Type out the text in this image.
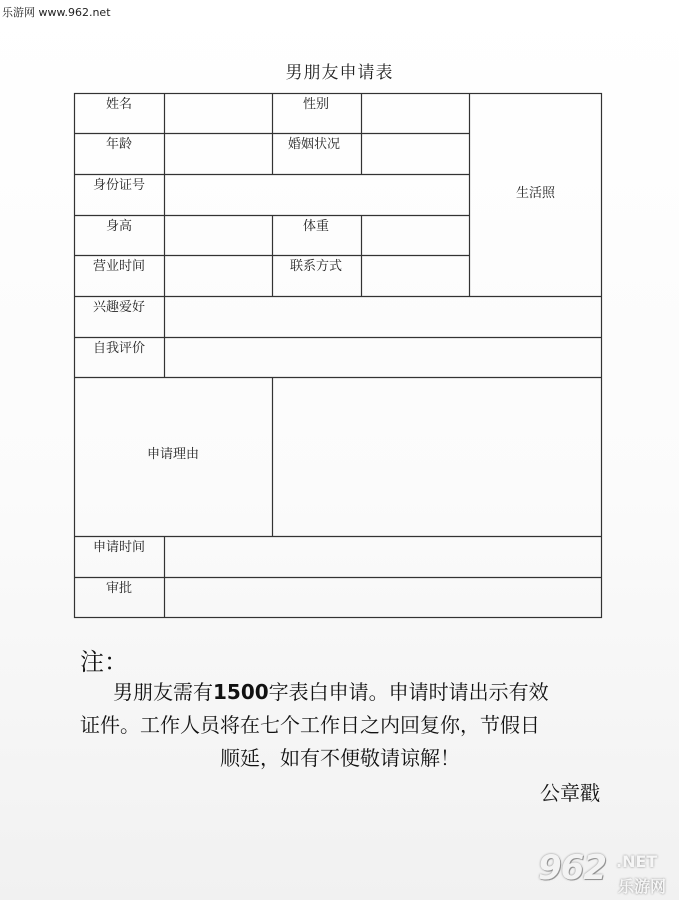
乐游网 www.962.net
男朋友申请表
姓名	性别
年龄	婚姻状况
身份证号
生活照
身高	体重
营业时间	联系方式
兴趣爱好
自我评价
申请理由
申请时间
审批
注：
男朋友需有1500字表白申请。申请时请出示有效
证件。工作人员将在七个工作日之内回复你，节假日
顺延，如有不便敬请谅解！
公章戳
962 .NET
乐游网
